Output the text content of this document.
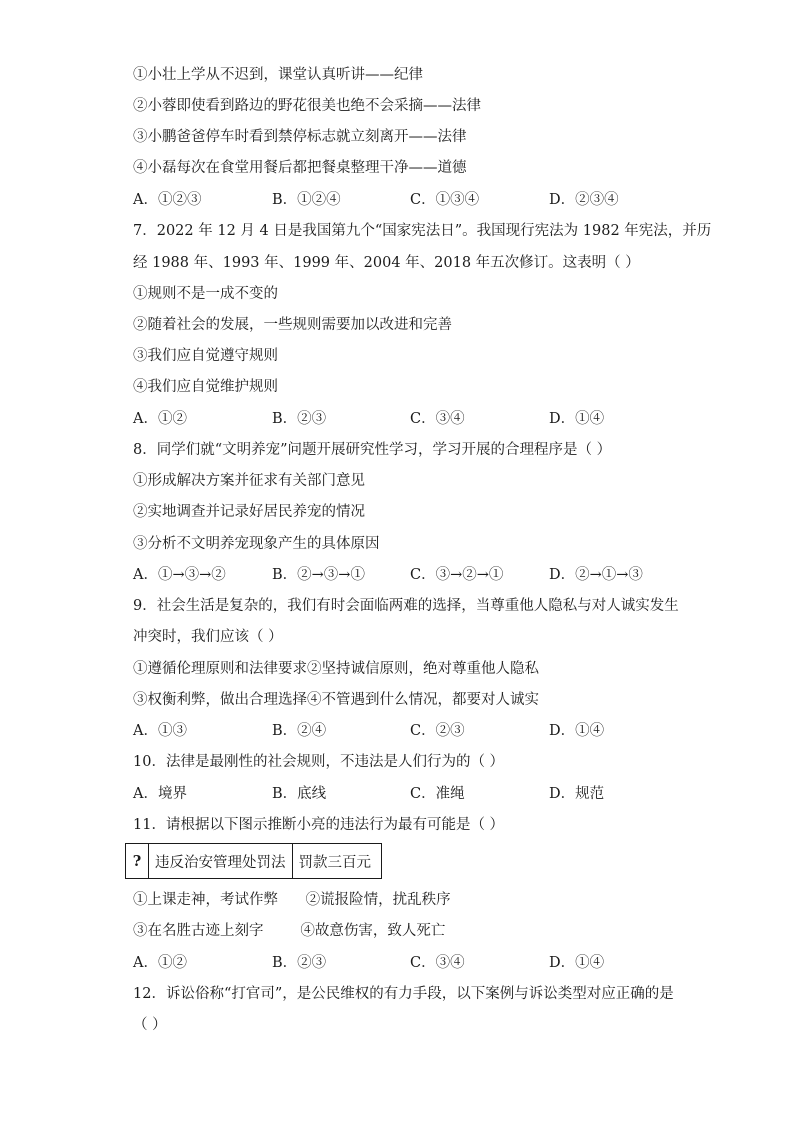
①小壮上学从不迟到，课堂认真听讲——纪律
②小蓉即使看到路边的野花很美也绝不会采摘——法律
③小鹏爸爸停车时看到禁停标志就立刻离开——法律
④小磊每次在食堂用餐后都把餐桌整理干净——道德
A．①②③	B．①②④	C．①③④	D．②③④
7．2022 年 12 月 4 日是我国第九个“国家宪法日”。我国现行宪法为 1982 年宪法，并历
经 1988 年、1993 年、1999 年、2004 年、2018 年五次修订。这表明（ ）
①规则不是一成不变的
②随着社会的发展，一些规则需要加以改进和完善
③我们应自觉遵守规则
④我们应自觉维护规则
A．①②	B．②③	C．③④	D．①④
8．同学们就“文明养宠”问题开展研究性学习，学习开展的合理程序是（ ）
①形成解决方案并征求有关部门意见
②实地调查并记录好居民养宠的情况
③分析不文明养宠现象产生的具体原因
A．①→③→②	B．②→③→①	C．③→②→①	D．②→①→③
9．社会生活是复杂的，我们有时会面临两难的选择，当尊重他人隐私与对人诚实发生
冲突时，我们应该（ ）
①遵循伦理原则和法律要求②坚持诚信原则，绝对尊重他人隐私
③权衡利弊，做出合理选择④不管遇到什么情况，都要对人诚实
A．①③	B．②④	C．②③	D．①④
10．法律是最刚性的社会规则，不违法是人们行为的（ ）
A．境界	B．底线	C．准绳	D．规范
11．请根据以下图示推断小亮的违法行为最有可能是（ ）
?	违反治安管理处罚法	罚款三百元
①上课走神，考试作弊      ②谎报险情，扰乱秩序
③在名胜古迹上刻字        ④故意伤害，致人死亡
A．①②	B．②③	C．③④	D．①④
12．诉讼俗称“打官司”，是公民维权的有力手段，以下案例与诉讼类型对应正确的是
（ ）
